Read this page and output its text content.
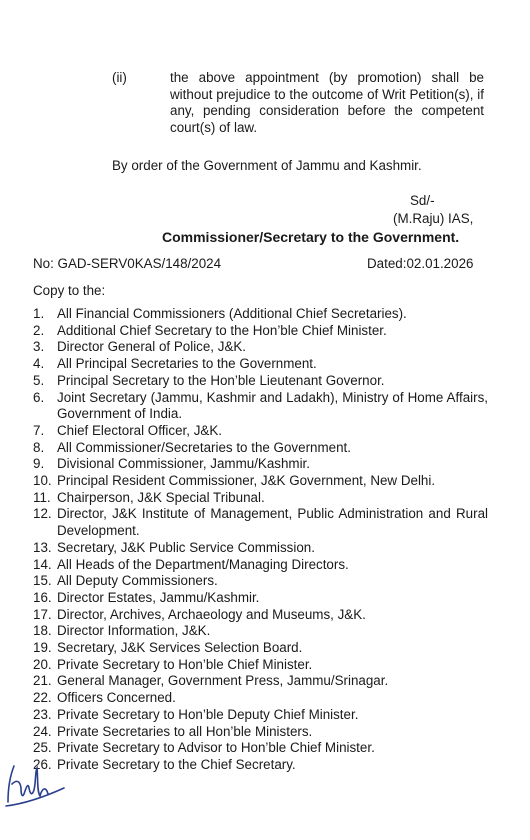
(ii)	the above appointment (by promotion) shall be without prejudice to the outcome of Writ Petition(s), if any, pending consideration before the competent court(s) of law.
By order of the Government of Jammu and Kashmir.
Sd/-
(M.Raju) IAS,
Commissioner/Secretary to the Government.
No: GAD-SERV0KAS/148/2024	Dated:02.01.2026
Copy to the:
1. All Financial Commissioners (Additional Chief Secretaries).
2. Additional Chief Secretary to the Hon’ble Chief Minister.
3. Director General of Police, J&K.
4. All Principal Secretaries to the Government.
5. Principal Secretary to the Hon’ble Lieutenant Governor.
6. Joint Secretary (Jammu, Kashmir and Ladakh), Ministry of Home Affairs, Government of India.
7. Chief Electoral Officer, J&K.
8. All Commissioner/Secretaries to the Government.
9. Divisional Commissioner, Jammu/Kashmir.
10. Principal Resident Commissioner, J&K Government, New Delhi.
11. Chairperson, J&K Special Tribunal.
12. Director, J&K Institute of Management, Public Administration and Rural Development.
13. Secretary, J&K Public Service Commission.
14. All Heads of the Department/Managing Directors.
15. All Deputy Commissioners.
16. Director Estates, Jammu/Kashmir.
17. Director, Archives, Archaeology and Museums, J&K.
18. Director Information, J&K.
19. Secretary, J&K Services Selection Board.
20. Private Secretary to Hon’ble Chief Minister.
21. General Manager, Government Press, Jammu/Srinagar.
22. Officers Concerned.
23. Private Secretary to Hon’ble Deputy Chief Minister.
24. Private Secretaries to all Hon’ble Ministers.
25. Private Secretary to Advisor to Hon’ble Chief Minister.
26. Private Secretary to the Chief Secretary.
